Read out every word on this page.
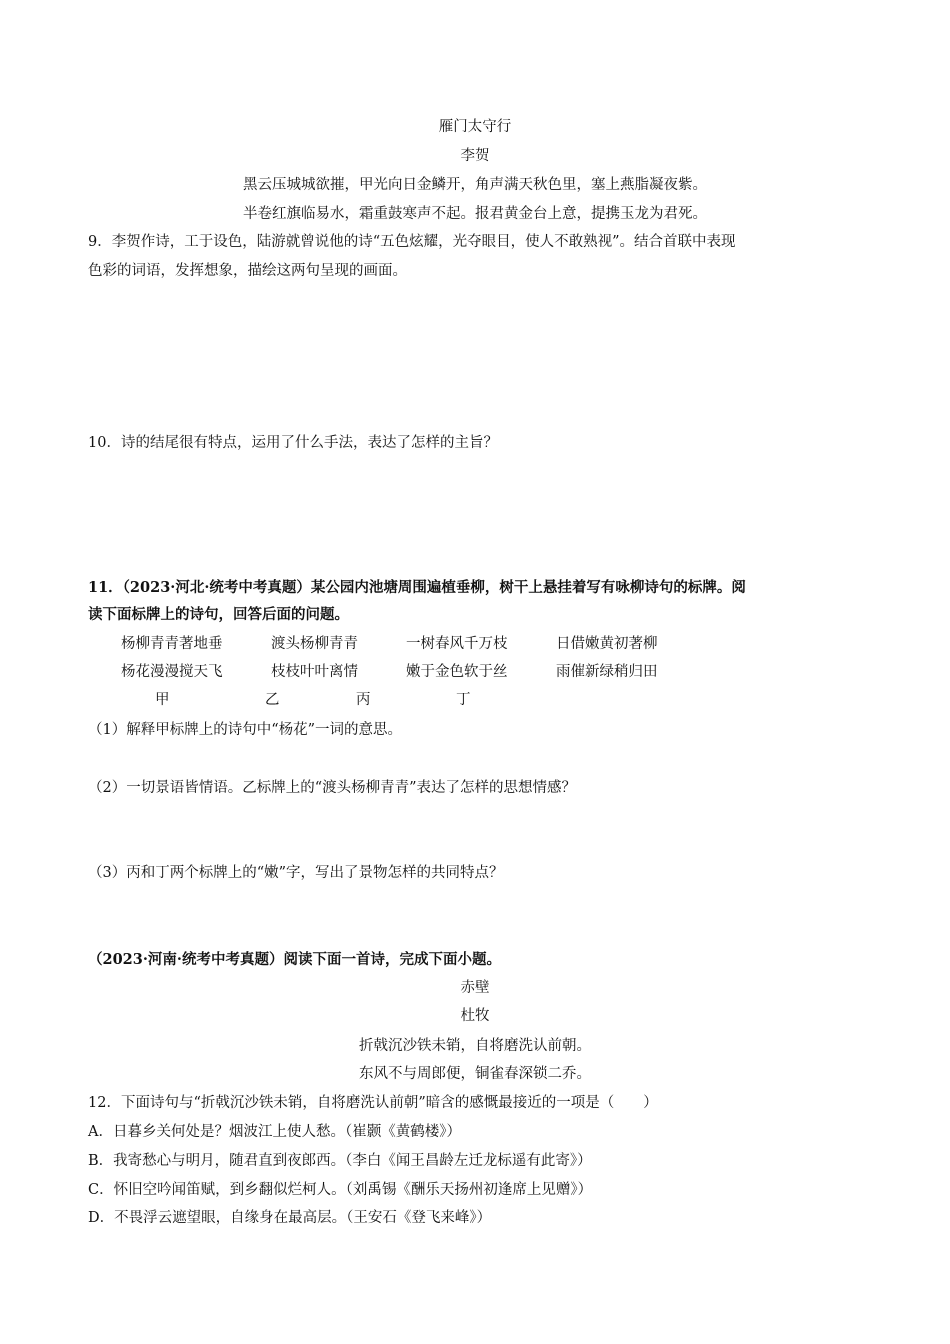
雁门太守行
李贺
黑云压城城欲摧，甲光向日金鳞开，角声满天秋色里，塞上燕脂凝夜紫。
半卷红旗临易水，霜重鼓寒声不起。报君黄金台上意，提携玉龙为君死。
9．李贺作诗，工于设色，陆游就曾说他的诗“五色炫耀，光夺眼目，使人不敢熟视”。结合首联中表现
色彩的词语，发挥想象，描绘这两句呈现的画面。
10．诗的结尾很有特点，运用了什么手法，表达了怎样的主旨？
11．（2023·河北·统考中考真题）某公园内池塘周围遍植垂柳，树干上悬挂着写有咏柳诗句的标牌。阅
读下面标牌上的诗句，回答后面的问题。
杨柳青青著地垂
杨花漫漫搅天飞
甲
渡头杨柳青青
枝枝叶叶离情
乙
一树春风千万枝
嫩于金色软于丝
丙
日借嫩黄初著柳
雨催新绿稍归田
丁
（1）解释甲标牌上的诗句中“杨花”一词的意思。
（2）一切景语皆情语。乙标牌上的“渡头杨柳青青”表达了怎样的思想情感？
（3）丙和丁两个标牌上的“嫩”字，写出了景物怎样的共同特点？
（2023·河南·统考中考真题）阅读下面一首诗，完成下面小题。
赤壁
杜牧
折戟沉沙铁未销，自将磨洗认前朝。
东风不与周郎便，铜雀春深锁二乔。
12．下面诗句与“折戟沉沙铁未销，自将磨洗认前朝”暗含的感慨最接近的一项是（　　）
A．日暮乡关何处是？烟波江上使人愁。（崔颢《黄鹤楼》）
B．我寄愁心与明月，随君直到夜郎西。（李白《闻王昌龄左迁龙标遥有此寄》）
C．怀旧空吟闻笛赋，到乡翻似烂柯人。（刘禹锡《酬乐天扬州初逢席上见赠》）
D．不畏浮云遮望眼，自缘身在最高层。（王安石《登飞来峰》）
